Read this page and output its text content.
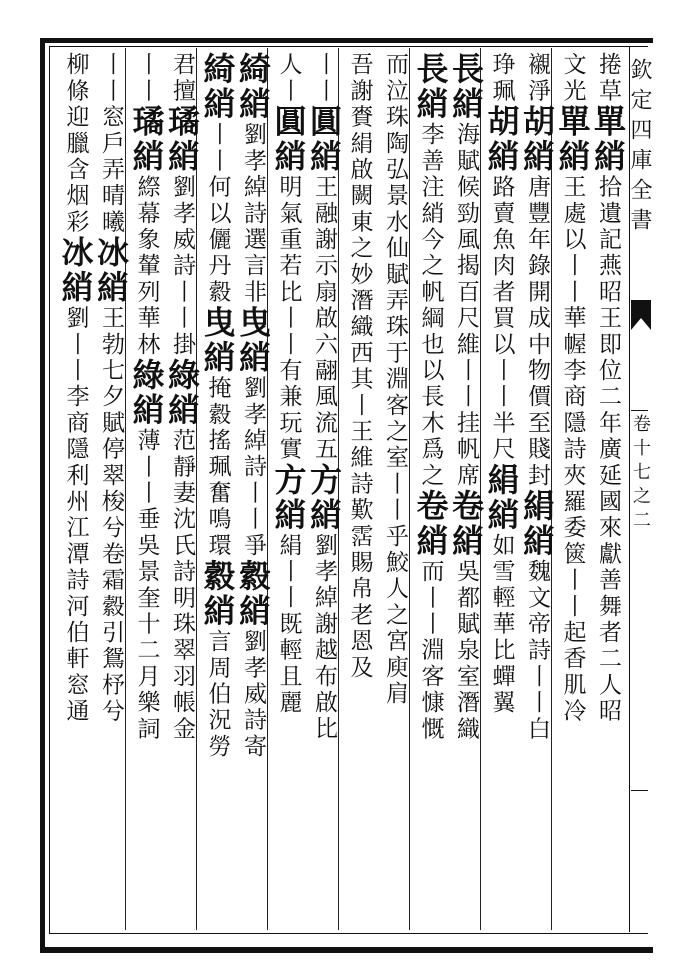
欽定四庫全書
卷十七之二
捲草單綃拾遺記燕昭王即位二年廣延國來獻善舞者二人昭
文光單綃王處以丨丨華幄李商隱詩夾羅委篋丨丨起香肌冷
襯淨胡綃唐豐年錄開成中物價至賤封絹綃魏文帝詩丨丨白
琤珮胡綃路賣魚肉者買以丨丨半尺絹綃如雪輕華比蟬翼
長綃海賦候勁風揭百尺維丨丨挂帆席卷綃吳都賦泉室潛織
長綃李善注綃今之帆綱也以長木爲之卷綃而丨丨淵客慷慨
而泣珠陶弘景水仙賦弄珠于淵客之室丨丨乎鮫人之宮庾肩
吾謝賚絹啟闕東之妙潛織西其丨王維詩歎霑賜帛老恩及
丨丨圓綃王融謝示扇啟六翮風流五方綃劉孝綽謝越布啟比
人丨圓綃明氣重若比丨丨有兼玩實方綃絹丨丨既輕且麗
綺綃劉孝綽詩選言非曳綃劉孝綽詩丨丨爭縠綃劉孝威詩寄
綺綃丨丨何以儷丹縠曳綃掩縠搖珮奮鳴環縠綃言周伯況勞
君擅璚綃劉孝威詩丨丨掛綠綃范靜妻沈氏詩明珠翠羽帳金
丨丨璚綃縩幕象輦列華林綠綃薄丨丨垂吳景奎十二月樂詞
丨丨窓戶弄晴曦冰綃王勃七夕賦停翠梭兮卷霜縠引鴛杼兮
柳條迎臘含烟彩冰綃劉丨丨李商隱利州江潭詩河伯軒窓通
